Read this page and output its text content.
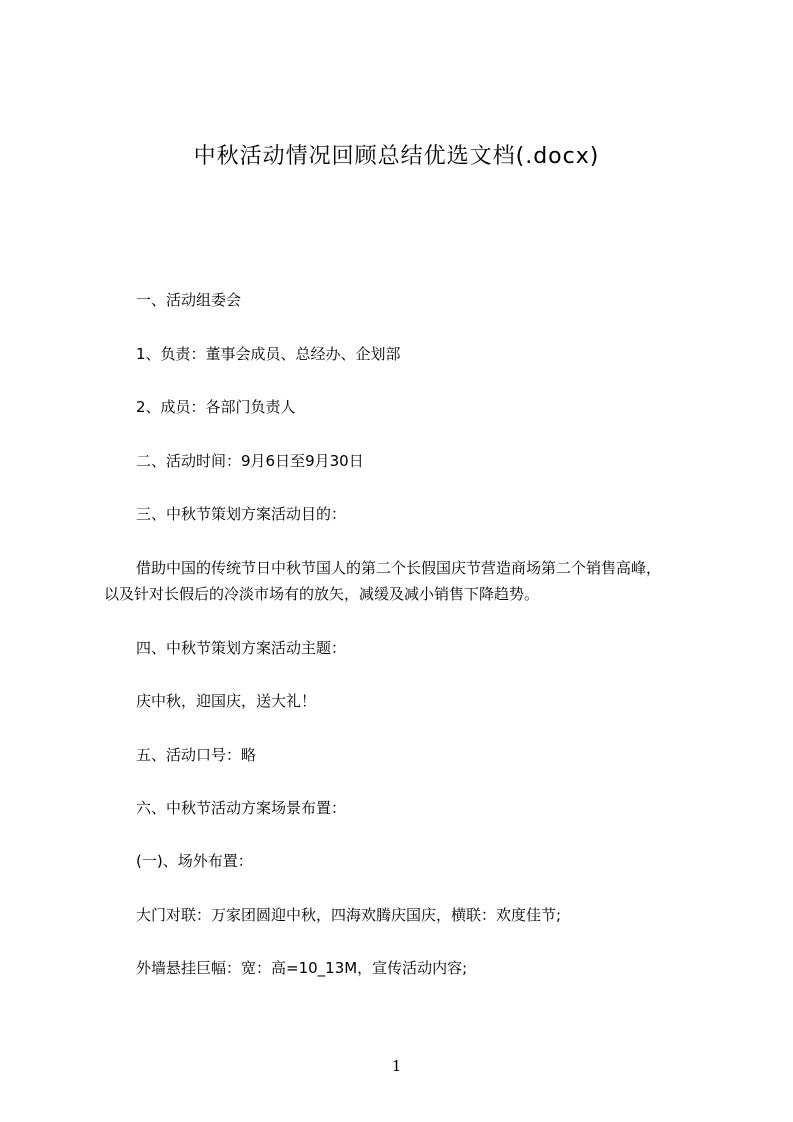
中秋活动情况回顾总结优选文档(.docx)
一、活动组委会
1、负责：董事会成员、总经办、企划部
2、成员：各部门负责人
二、活动时间：9月6日至9月30日
三、中秋节策划方案活动目的：
借助中国的传统节日中秋节国人的第二个长假国庆节营造商场第二个销售高峰，
以及针对长假后的冷淡市场有的放矢，减缓及减小销售下降趋势。
四、中秋节策划方案活动主题：
庆中秋，迎国庆，送大礼！
五、活动口号：略
六、中秋节活动方案场景布置：
(一)、场外布置：
大门对联：万家团圆迎中秋，四海欢腾庆国庆，横联：欢度佳节;
外墙悬挂巨幅：宽：高=10_13M，宣传活动内容;
1
